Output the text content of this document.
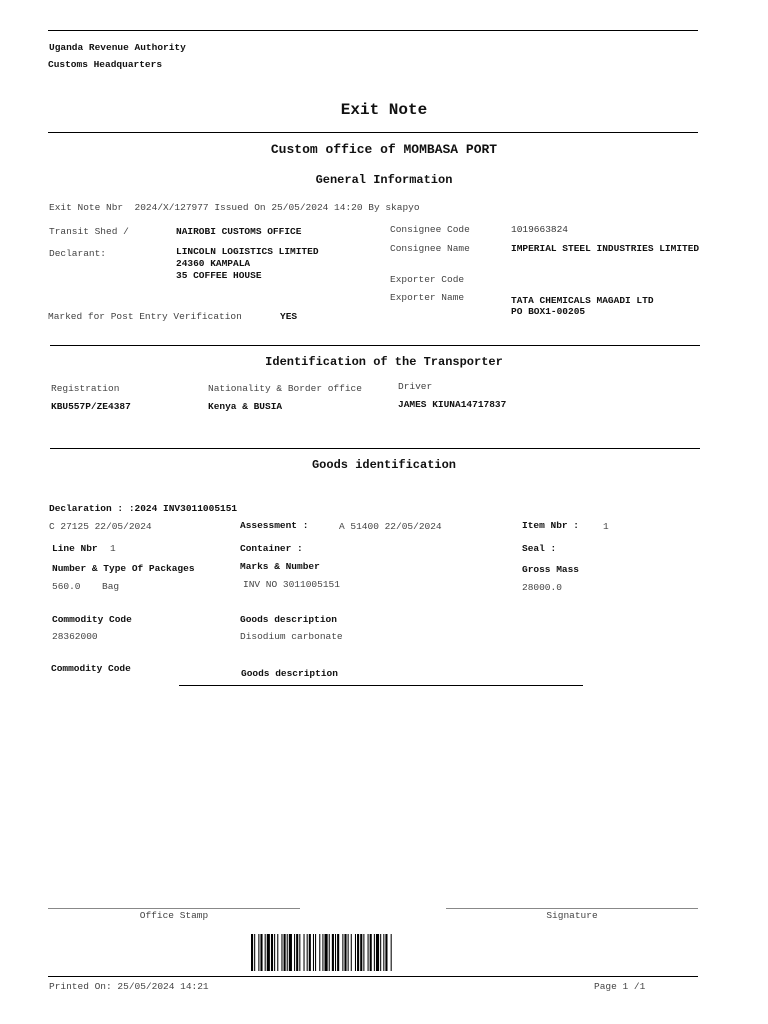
Uganda Revenue Authority
Customs Headquarters
Exit Note
Custom office of MOMBASA PORT
General Information
Exit Note Nbr  2024/X/127977 Issued On 25/05/2024 14:20 By skapyo
Transit Shed /	NAIROBI CUSTOMS OFFICE
Declarant:	LINCOLN LOGISTICS LIMITED
24360 KAMPALA
35 COFFEE HOUSE
Consignee Code	1019663824
Consignee Name	IMPERIAL STEEL INDUSTRIES LIMITED
Exporter Code
Exporter Name	TATA CHEMICALS MAGADI LTD
PO BOX1-00205
Marked for Post Entry Verification	YES
Identification of the Transporter
Registration
KBU557P/ZE4387
Nationality & Border office
Kenya & BUSIA
Driver
JAMES KIUNA14717837
Goods identification
Declaration : :2024 INV3011005151
C 27125 22/05/2024	Assessment :	A 51400 22/05/2024	Item Nbr :	1
Line Nbr 1	Container :	Seal :
Number & Type Of Packages	Marks & Number	Gross Mass
560.0 Bag	INV NO 3011005151	28000.0
Commodity Code	Goods description
28362000	Disodium carbonate
Commodity Code	Goods description
Office Stamp	Signature
Printed On: 25/05/2024 14:21	Page 1 /1
